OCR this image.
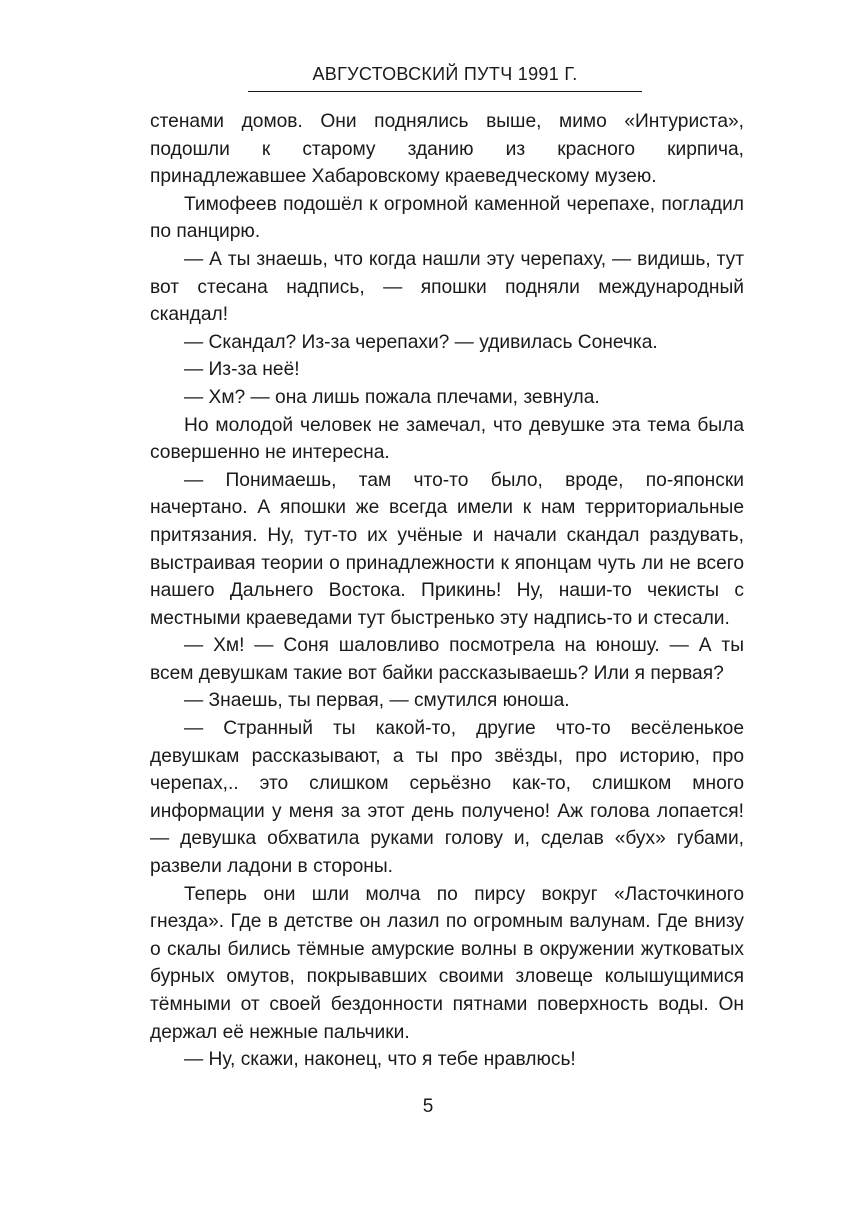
АВГУСТОВСКИЙ ПУТЧ 1991 Г.

стенами домов. Они поднялись выше, мимо «Интуриста», подошли к старому зданию из красного кирпича, принадлежавшее Хабаровскому краеведческому музею.

Тимофеев подошёл к огромной каменной черепахе, погладил по панцирю.

— А ты знаешь, что когда нашли эту черепаху, — видишь, тут вот стесана надпись, — япошки подняли международный скандал!

— Скандал? Из-за черепахи? — удивилась Сонечка.

— Из-за неё!

— Хм? — она лишь пожала плечами, зевнула.

Но молодой человек не замечал, что девушке эта тема была совершенно не интересна.

— Понимаешь, там что-то было, вроде, по-японски начертано. А япошки же всегда имели к нам территориальные притязания. Ну, тут-то их учёные и начали скандал раздувать, выстраивая теории о принадлежности к японцам чуть ли не всего нашего Дальнего Востока. Прикинь! Ну, наши-то чекисты с местными краеведами тут быстренько эту надпись-то и стесали.

— Хм! — Соня шаловливо посмотрела на юношу. — А ты всем девушкам такие вот байки рассказываешь? Или я первая?

— Знаешь, ты первая, — смутился юноша.

— Странный ты какой-то, другие что-то весёленькое девушкам рассказывают, а ты про звёзды, про историю, про черепах,.. это слишком серьёзно как-то, слишком много информации у меня за этот день получено! Аж голова лопается! — девушка обхватила руками голову и, сделав «бух» губами, развели ладони в стороны.

Теперь они шли молча по пирсу вокруг «Ласточкиного гнезда». Где в детстве он лазил по огромным валунам. Где внизу о скалы бились тёмные амурские волны в окружении жутковатых бурных омутов, покрывавших своими зловеще колышущимися тёмными от своей бездонности пятнами поверхность воды. Он держал её нежные пальчики.

— Ну, скажи, наконец, что я тебе нравлюсь!

5
